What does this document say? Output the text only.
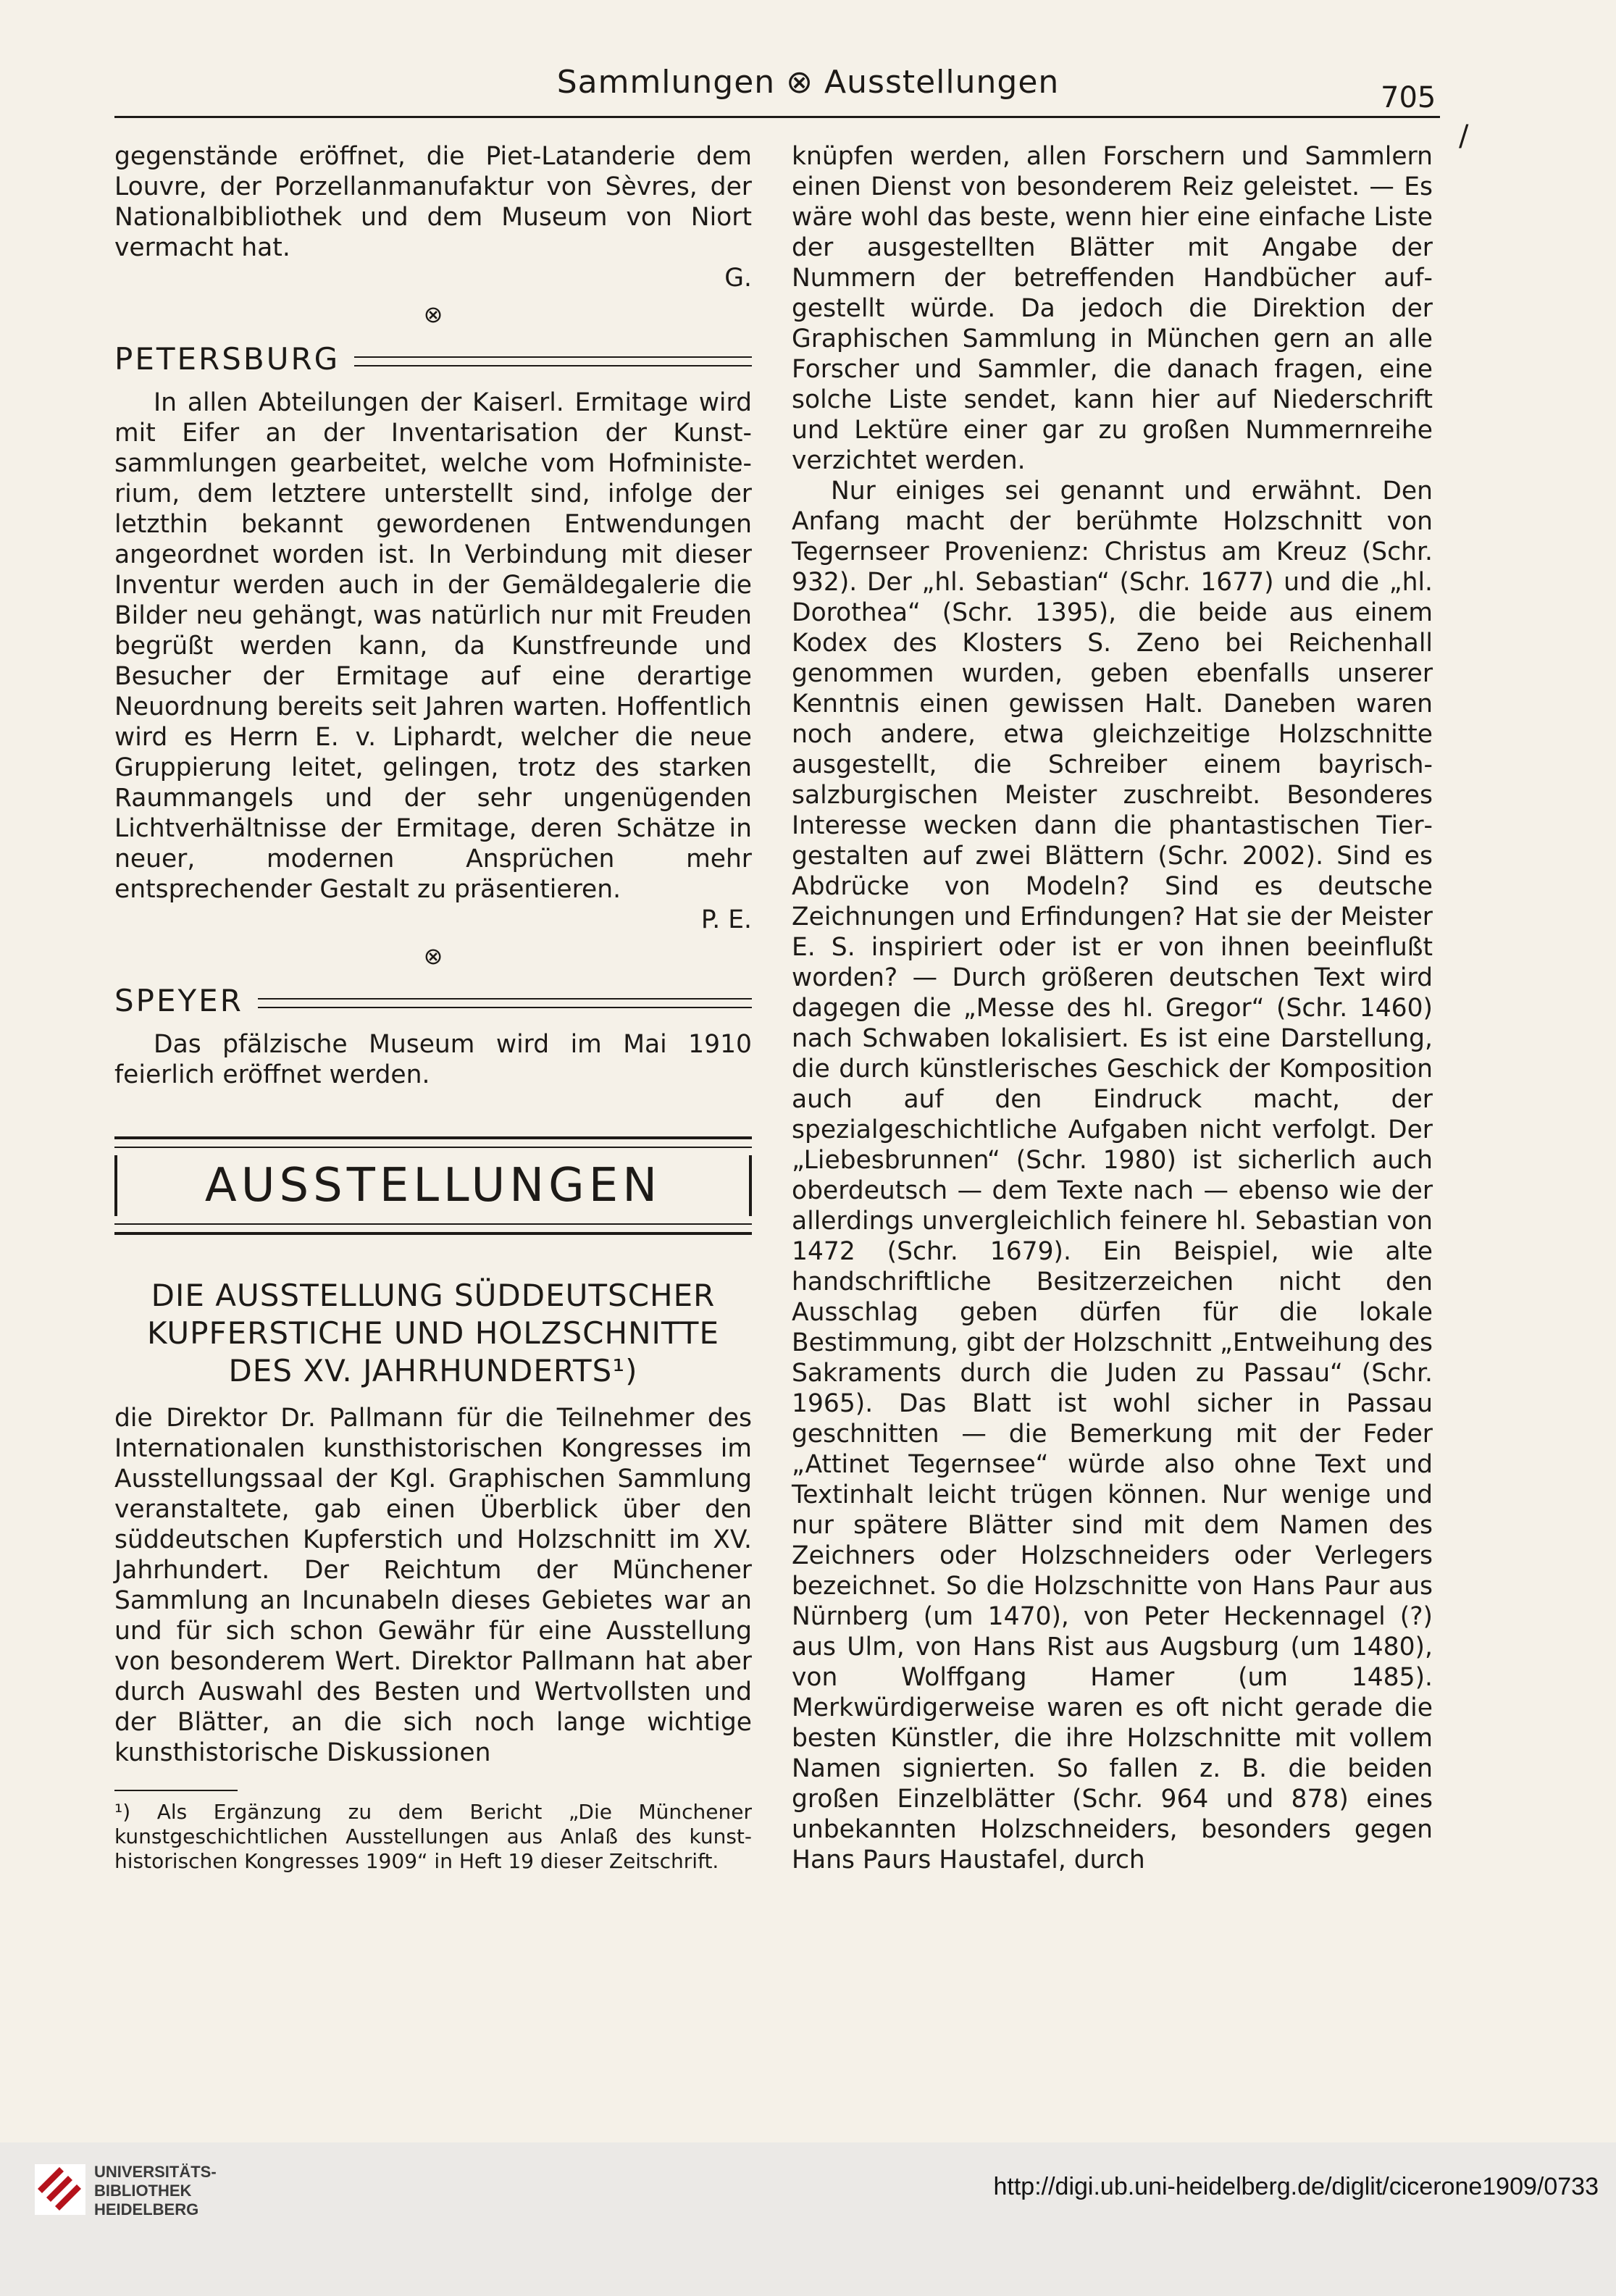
Sammlungen ⊗ Ausstellungen	705
/

gegenstände eröffnet, die Piet-Latanderie dem Louvre, der Porzellanmanufaktur von Sèvres, der Nationalbibliothek und dem Museum von Niort vermacht hat.

G.

⊗
PETERSBURG

In allen Abteilungen der Kaiserl. Ermitage wird mit Eifer an der Inventarisation der Kunstsammlungen gearbeitet, welche vom Hofministerium, dem letztere unterstellt sind, infolge der letzthin bekannt gewordenen Entwendungen angeordnet worden ist. In Verbindung mit dieser Inventur werden auch in der Gemäldegalerie die Bilder neu gehängt, was natürlich nur mit Freuden begrüßt werden kann, da Kunstfreunde und Besucher der Ermitage auf eine derartige Neuordnung bereits seit Jahren warten. Hoffentlich wird es Herrn E. v. Liphardt, welcher die neue Gruppierung leitet, gelingen, trotz des starken Raummangels und der sehr ungenügenden Lichtverhältnisse der Ermitage, deren Schätze in neuer, modernen Ansprüchen mehr entsprechender Gestalt zu präsentieren.

P. E.

⊗
SPEYER

Das pfälzische Museum wird im Mai 1910 feierlich eröffnet werden.

AUSSTELLUNGEN
DIE AUSSTELLUNG SÜDDEUTSCHER KUPFERSTICHE UND HOLZSCHNITTE DES XV. JAHRHUNDERTS¹)

die Direktor Dr. Pallmann für die Teilnehmer des Internationalen kunsthistorischen Kongresses im Ausstellungssaal der Kgl. Graphischen Sammlung veranstaltete, gab einen Überblick über den süddeutschen Kupferstich und Holzschnitt im XV. Jahrhundert. Der Reichtum der Münchener Sammlung an Incunabeln dieses Gebietes war an und für sich schon Gewähr für eine Ausstellung von besonderem Wert. Direktor Pallmann hat aber durch Auswahl des Besten und Wertvollsten und der Blätter, an die sich noch lange wichtige kunsthistorische Diskussionen

¹) Als Ergänzung zu dem Bericht „Die Münchener kunstgeschichtlichen Ausstellungen aus Anlaß des kunsthistorischen Kongresses 1909“ in Heft 19 dieser Zeitschrift.

knüpfen werden, allen Forschern und Sammlern einen Dienst von besonderem Reiz geleistet. — Es wäre wohl das beste, wenn hier eine einfache Liste der ausgestellten Blätter mit Angabe der Nummern der betreffenden Handbücher aufgestellt würde. Da jedoch die Direktion der Graphischen Sammlung in München gern an alle Forscher und Sammler, die danach fragen, eine solche Liste sendet, kann hier auf Niederschrift und Lektüre einer gar zu großen Nummernreihe verzichtet werden.

Nur einiges sei genannt und erwähnt. Den Anfang macht der berühmte Holzschnitt von Tegernseer Provenienz: Christus am Kreuz (Schr. 932). Der „hl. Sebastian“ (Schr. 1677) und die „hl. Dorothea“ (Schr. 1395), die beide aus einem Kodex des Klosters S. Zeno bei Reichenhall genommen wurden, geben ebenfalls unserer Kenntnis einen gewissen Halt. Daneben waren noch andere, etwa gleichzeitige Holzschnitte ausgestellt, die Schreiber einem bayrisch-salzburgischen Meister zuschreibt. Besonderes Interesse wecken dann die phantastischen Tiergestalten auf zwei Blättern (Schr. 2002). Sind es Abdrücke von Modeln? Sind es deutsche Zeichnungen und Erfindungen? Hat sie der Meister E. S. inspiriert oder ist er von ihnen beeinflußt worden? — Durch größeren deutschen Text wird dagegen die „Messe des hl. Gregor“ (Schr. 1460) nach Schwaben lokalisiert. Es ist eine Darstellung, die durch künstlerisches Geschick der Komposition auch auf den Eindruck macht, der spezialgeschichtliche Aufgaben nicht verfolgt. Der „Liebesbrunnen“ (Schr. 1980) ist sicherlich auch oberdeutsch — dem Texte nach — ebenso wie der allerdings unvergleichlich feinere hl. Sebastian von 1472 (Schr. 1679). Ein Beispiel, wie alte handschriftliche Besitzerzeichen nicht den Ausschlag geben dürfen für die lokale Bestimmung, gibt der Holzschnitt „Entweihung des Sakraments durch die Juden zu Passau“ (Schr. 1965). Das Blatt ist wohl sicher in Passau geschnitten — die Bemerkung mit der Feder „Attinet Tegernsee“ würde also ohne Text und Textinhalt leicht trügen können. Nur wenige und nur spätere Blätter sind mit dem Namen des Zeichners oder Holzschneiders oder Verlegers bezeichnet. So die Holzschnitte von Hans Paur aus Nürnberg (um 1470), von Peter Heckennagel (?) aus Ulm, von Hans Rist aus Augsburg (um 1480), von Wolffgang Hamer (um 1485). Merkwürdigerweise waren es oft nicht gerade die besten Künstler, die ihre Holzschnitte mit vollem Namen signierten. So fallen z. B. die beiden großen Einzelblätter (Schr. 964 und 878) eines unbekannten Holzschneiders, besonders gegen Hans Paurs Haustafel, durch

UNIVERSITÄTS-
BIBLIOTHEK
HEIDELBERG
http://digi.ub.uni-heidelberg.de/diglit/cicerone1909/0733
